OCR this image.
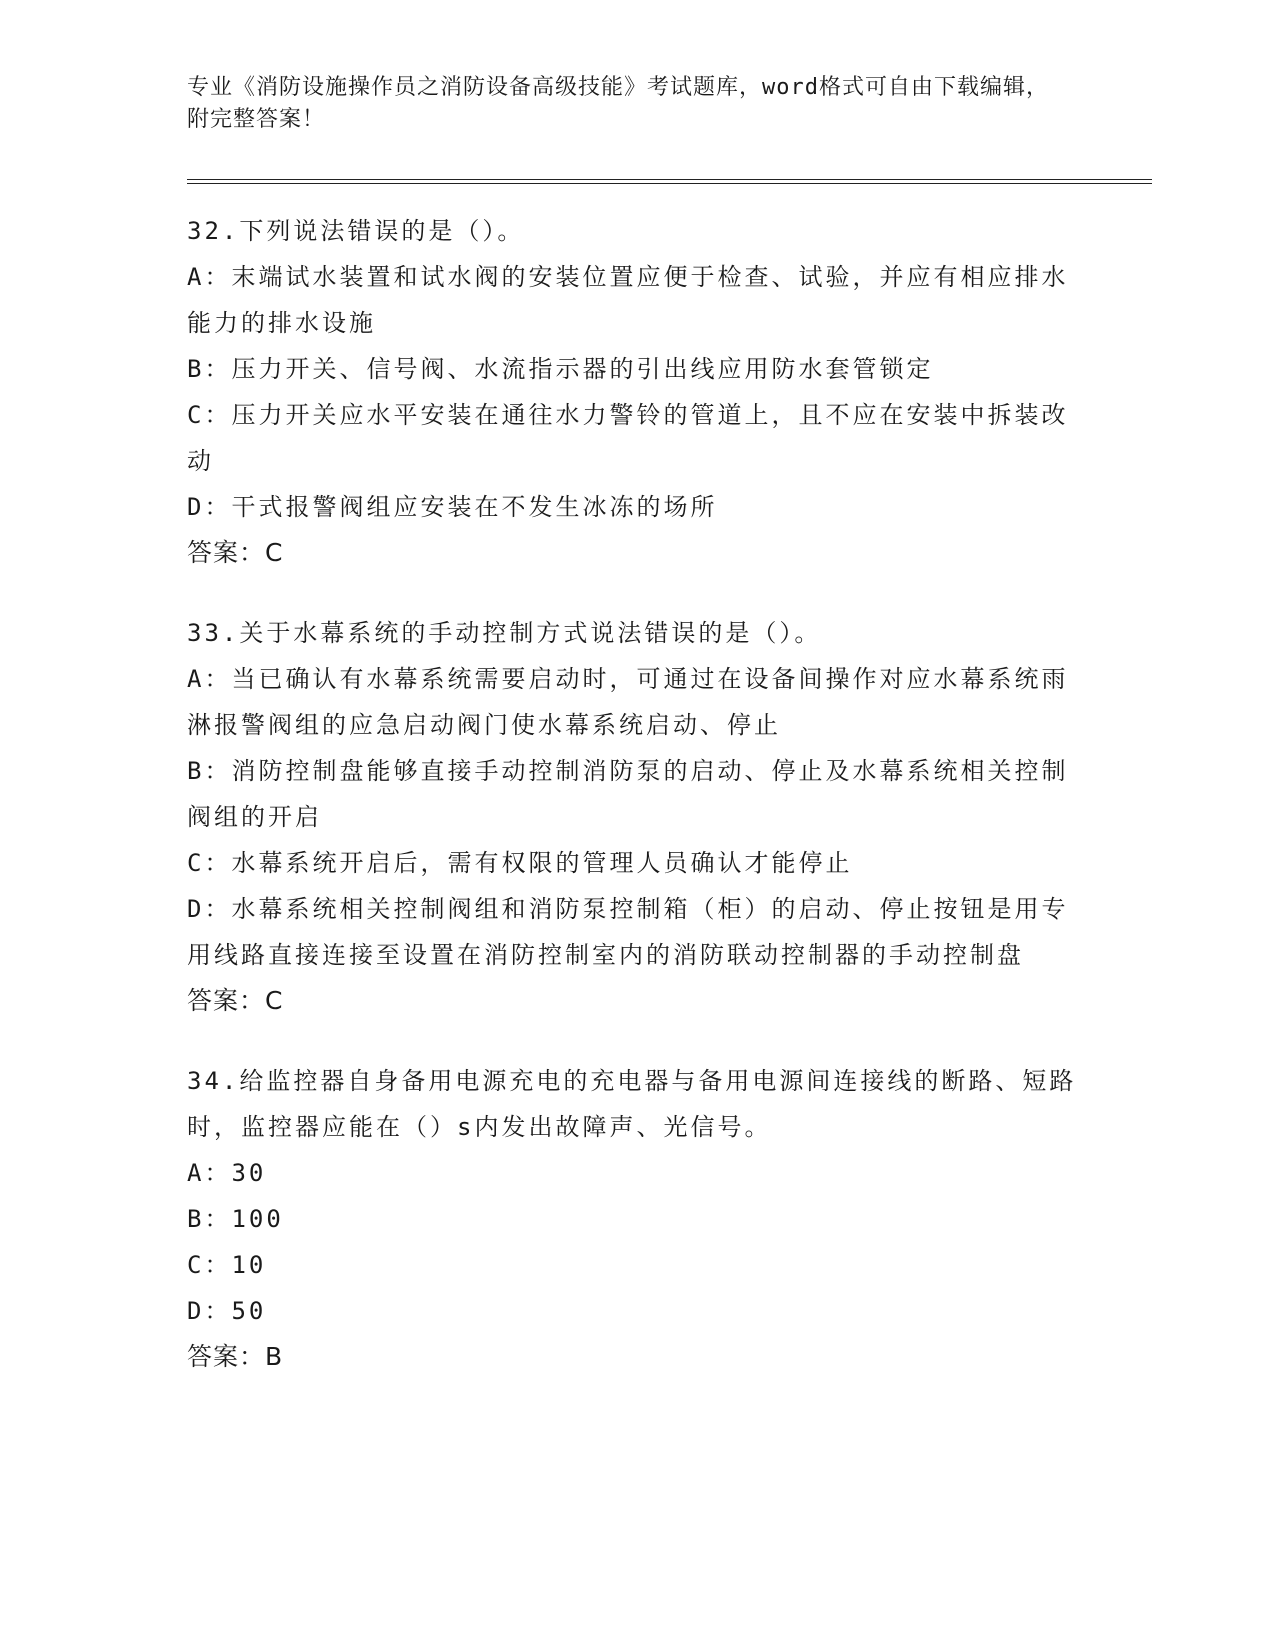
专业《消防设施操作员之消防设备高级技能》考试题库，word格式可自由下载编辑，附完整答案！
32.下列说法错误的是（）。
A：末端试水装置和试水阀的安装位置应便于检查、试验，并应有相应排水能力的排水设施
B：压力开关、信号阀、水流指示器的引出线应用防水套管锁定
C：压力开关应水平安装在通往水力警铃的管道上，且不应在安装中拆装改动
D：干式报警阀组应安装在不发生冰冻的场所
答案：C
33.关于水幕系统的手动控制方式说法错误的是（）。
A：当已确认有水幕系统需要启动时，可通过在设备间操作对应水幕系统雨淋报警阀组的应急启动阀门使水幕系统启动、停止
B：消防控制盘能够直接手动控制消防泵的启动、停止及水幕系统相关控制阀组的开启
C：水幕系统开启后，需有权限的管理人员确认才能停止
D：水幕系统相关控制阀组和消防泵控制箱（柜）的启动、停止按钮是用专用线路直接连接至设置在消防控制室内的消防联动控制器的手动控制盘
答案：C
34.给监控器自身备用电源充电的充电器与备用电源间连接线的断路、短路时，监控器应能在（）s内发出故障声、光信号。
A：30
B：100
C：10
D：50
答案：B
